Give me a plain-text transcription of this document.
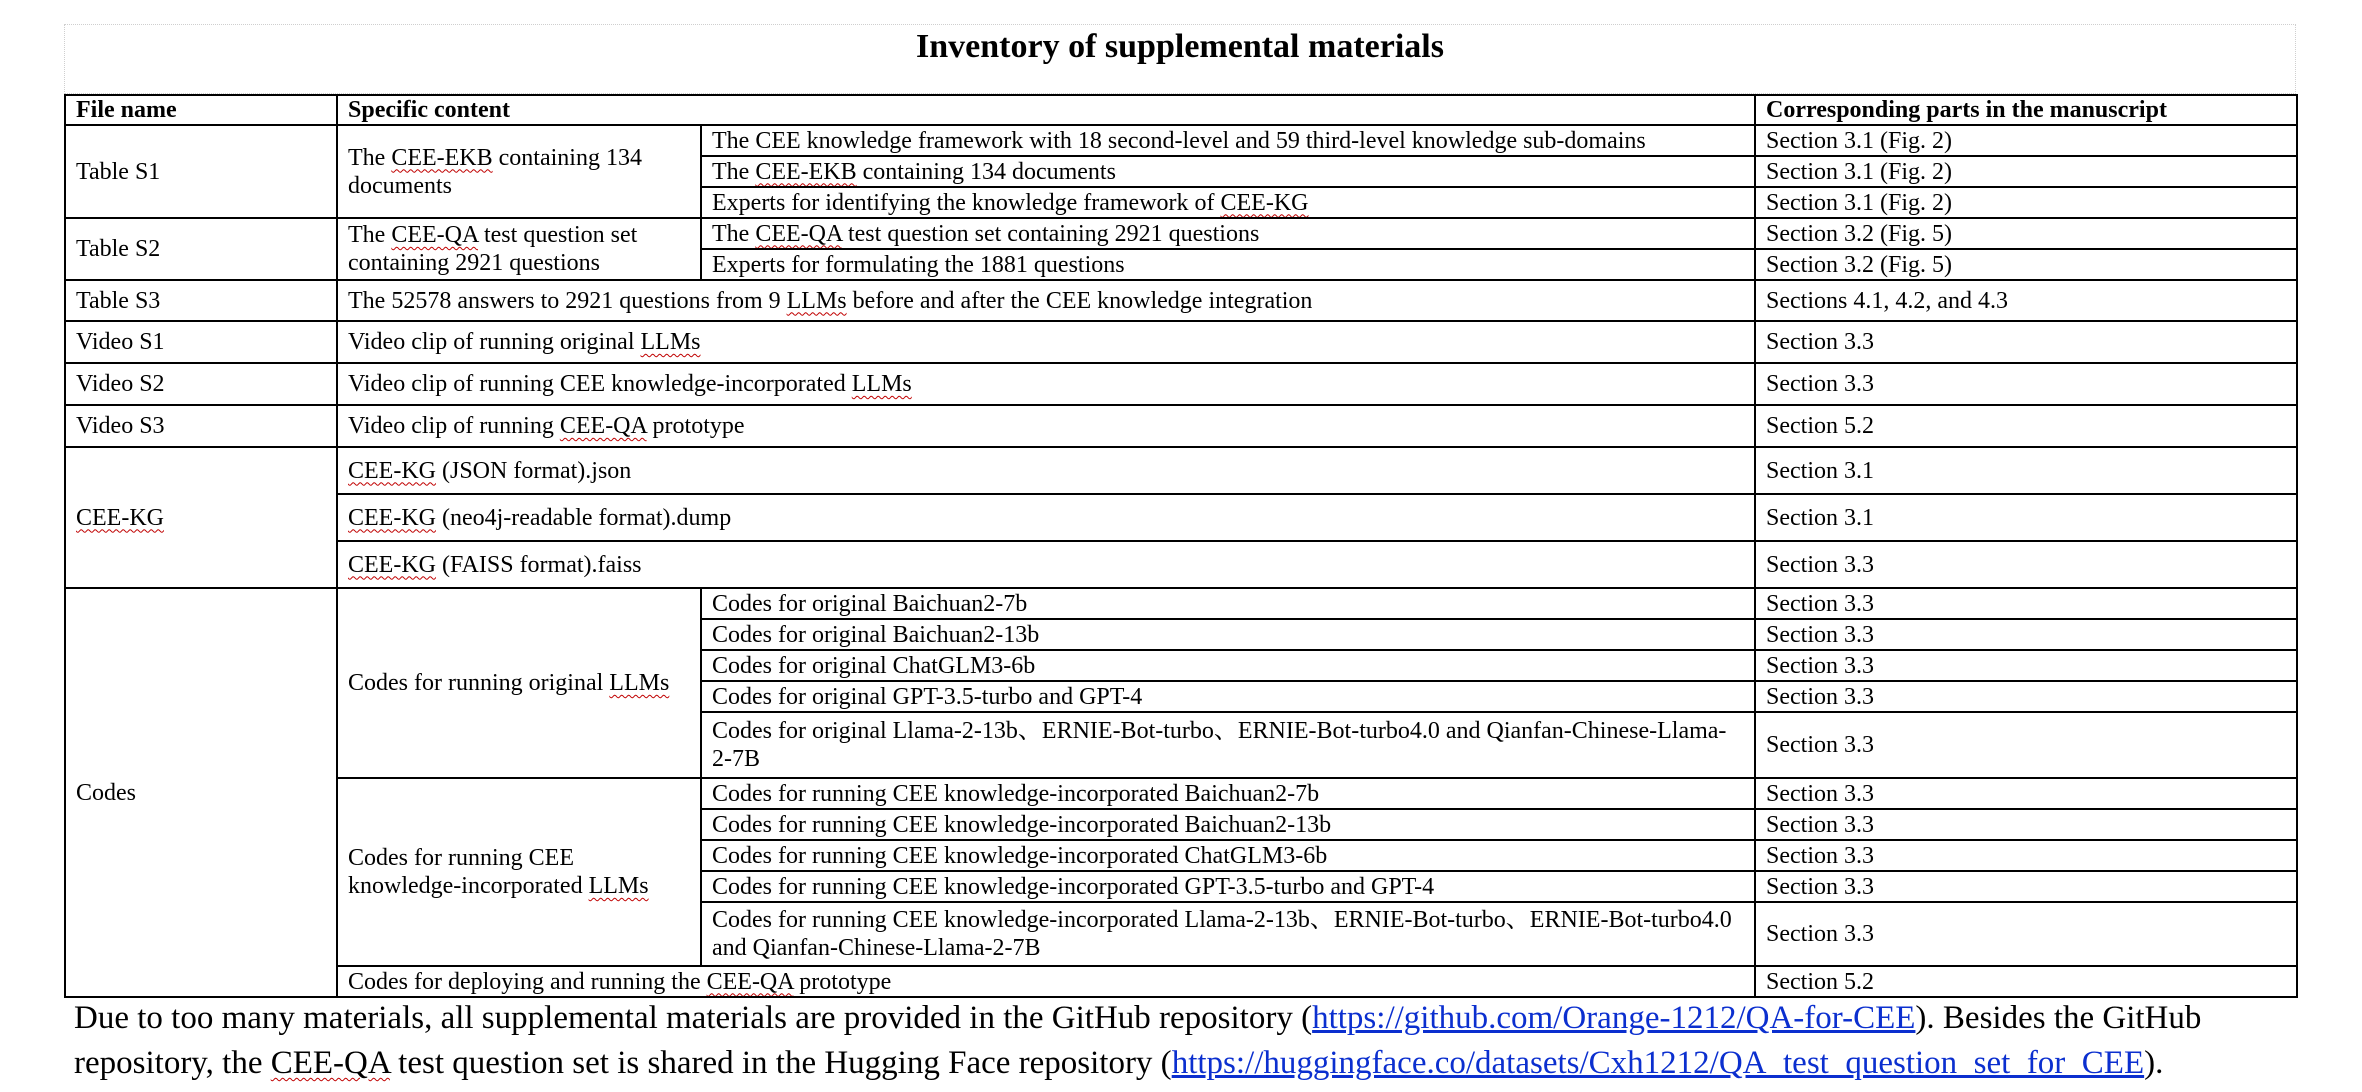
Inventory of supplemental materials
File name	Specific content		Corresponding parts in the manuscript
Table S1	The CEE-EKB containing 134 documents	The CEE knowledge framework with 18 second-level and 59 third-level knowledge sub-domains	Section 3.1 (Fig. 2)
		The CEE-EKB containing 134 documents	Section 3.1 (Fig. 2)
		Experts for identifying the knowledge framework of CEE-KG	Section 3.1 (Fig. 2)
Table S2	The CEE-QA test question set containing 2921 questions	The CEE-QA test question set containing 2921 questions	Section 3.2 (Fig. 5)
		Experts for formulating the 1881 questions	Section 3.2 (Fig. 5)
Table S3	The 52578 answers to 2921 questions from 9 LLMs before and after the CEE knowledge integration		Sections 4.1, 4.2, and 4.3
Video S1	Video clip of running original LLMs		Section 3.3
Video S2	Video clip of running CEE knowledge-incorporated LLMs		Section 3.3
Video S3	Video clip of running CEE-QA prototype		Section 5.2
CEE-KG	CEE-KG (JSON format).json		Section 3.1
	CEE-KG (neo4j-readable format).dump		Section 3.1
	CEE-KG (FAISS format).faiss		Section 3.3
Codes	Codes for running original LLMs	Codes for original Baichuan2-7b	Section 3.3
		Codes for original Baichuan2-13b	Section 3.3
		Codes for original ChatGLM3-6b	Section 3.3
		Codes for original GPT-3.5-turbo and GPT-4	Section 3.3
		Codes for original Llama-2-13b、ERNIE-Bot-turbo、ERNIE-Bot-turbo4.0 and Qianfan-Chinese-Llama-2-7B	Section 3.3
	Codes for running CEE knowledge-incorporated LLMs	Codes for running CEE knowledge-incorporated Baichuan2-7b	Section 3.3
		Codes for running CEE knowledge-incorporated Baichuan2-13b	Section 3.3
		Codes for running CEE knowledge-incorporated ChatGLM3-6b	Section 3.3
		Codes for running CEE knowledge-incorporated GPT-3.5-turbo and GPT-4	Section 3.3
		Codes for running CEE knowledge-incorporated Llama-2-13b、ERNIE-Bot-turbo、ERNIE-Bot-turbo4.0 and Qianfan-Chinese-Llama-2-7B	Section 3.3
	Codes for deploying and running the CEE-QA prototype		Section 5.2
Due to too many materials, all supplemental materials are provided in the GitHub repository (https://github.com/Orange-1212/QA-for-CEE). Besides the GitHub repository, the CEE-QA test question set is shared in the Hugging Face repository (https://huggingface.co/datasets/Cxh1212/QA_test_question_set_for_CEE).
